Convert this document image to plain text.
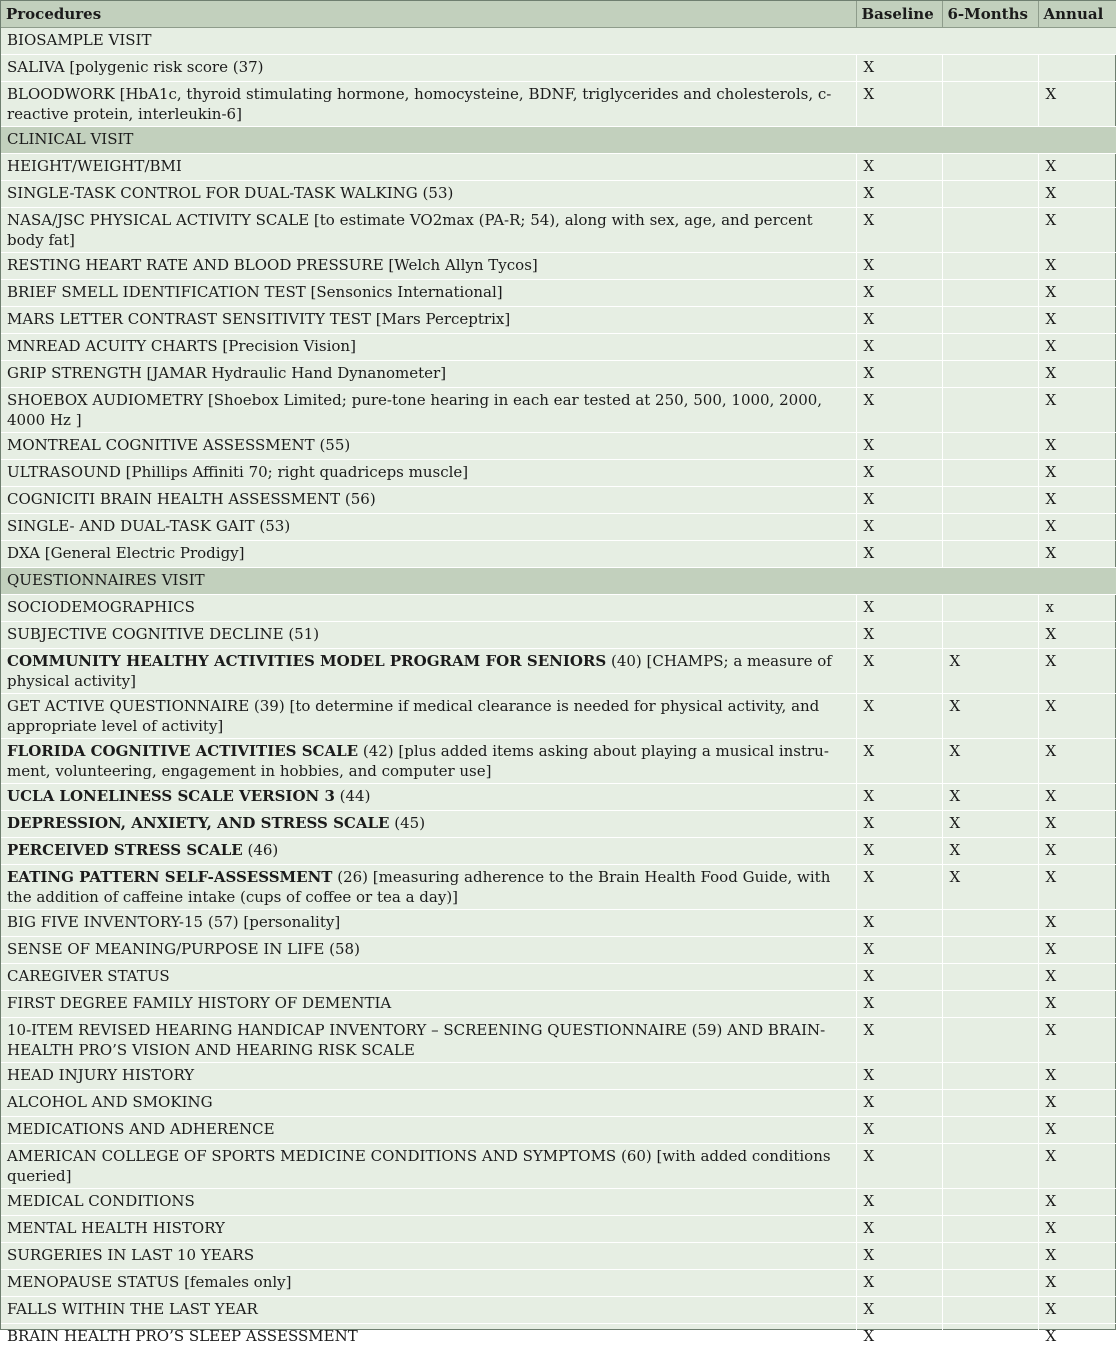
Procedures	Baseline	6-Months	Annual
BIOSAMPLE VISIT			
SALIVA [polygenic risk score (37)	X		
BLOODWORK [HbA1c, thyroid stimulating hormone, homocysteine, BDNF, triglycerides and cholesterols, c-reactive protein, interleukin-6]	X		X
CLINICAL VISIT			
HEIGHT/WEIGHT/BMI	X		X
SINGLE-TASK CONTROL FOR DUAL-TASK WALKING (53)	X		X
NASA/JSC PHYSICAL ACTIVITY SCALE [to estimate VO2max (PA-R; 54), along with sex, age, and percent body fat]	X		X
RESTING HEART RATE AND BLOOD PRESSURE [Welch Allyn Tycos]	X		X
BRIEF SMELL IDENTIFICATION TEST [Sensonics International]	X		X
MARS LETTER CONTRAST SENSITIVITY TEST [Mars Perceptrix]	X		X
MNREAD ACUITY CHARTS [Precision Vision]	X		X
GRIP STRENGTH [JAMAR Hydraulic Hand Dynanometer]	X		X
SHOEBOX AUDIOMETRY [Shoebox Limited; pure-tone hearing in each ear tested at 250, 500, 1000, 2000, 4000 Hz ]	X		X
MONTREAL COGNITIVE ASSESSMENT (55)	X		X
ULTRASOUND [Phillips Affiniti 70; right quadriceps muscle]	X		X
COGNICITI BRAIN HEALTH ASSESSMENT (56)	X		X
SINGLE- AND DUAL-TASK GAIT (53)	X		X
DXA [General Electric Prodigy]	X		X
QUESTIONNAIRES VISIT			
SOCIODEMOGRAPHICS	X		x
SUBJECTIVE COGNITIVE DECLINE (51)	X		X
COMMUNITY HEALTHY ACTIVITIES MODEL PROGRAM FOR SENIORS (40) [CHAMPS; a measure of physical activity]	X	X	X
GET ACTIVE QUESTIONNAIRE (39) [to determine if medical clearance is needed for physical activity, and appropriate level of activity]	X	X	X
FLORIDA COGNITIVE ACTIVITIES SCALE (42) [plus added items asking about playing a musical instru-ment, volunteering, engagement in hobbies, and computer use]	X	X	X
UCLA LONELINESS SCALE VERSION 3 (44)	X	X	X
DEPRESSION, ANXIETY, AND STRESS SCALE (45)	X	X	X
PERCEIVED STRESS SCALE (46)	X	X	X
EATING PATTERN SELF-ASSESSMENT (26) [measuring adherence to the Brain Health Food Guide, with the addition of caffeine intake (cups of coffee or tea a day)]	X	X	X
BIG FIVE INVENTORY-15 (57) [personality]	X		X
SENSE OF MEANING/PURPOSE IN LIFE (58)	X		X
CAREGIVER STATUS	X		X
FIRST DEGREE FAMILY HISTORY OF DEMENTIA	X		X
10-ITEM REVISED HEARING HANDICAP INVENTORY – SCREENING QUESTIONNAIRE (59) AND BRAIN-HEALTH PRO’S VISION AND HEARING RISK SCALE	X		X
HEAD INJURY HISTORY	X		X
ALCOHOL AND SMOKING	X		X
MEDICATIONS AND ADHERENCE	X		X
AMERICAN COLLEGE OF SPORTS MEDICINE CONDITIONS AND SYMPTOMS (60) [with added conditions queried]	X		X
MEDICAL CONDITIONS	X		X
MENTAL HEALTH HISTORY	X		X
SURGERIES IN LAST 10 YEARS	X		X
MENOPAUSE STATUS [females only]	X		X
FALLS WITHIN THE LAST YEAR	X		X
BRAIN HEALTH PRO’S SLEEP ASSESSMENT	X		X
